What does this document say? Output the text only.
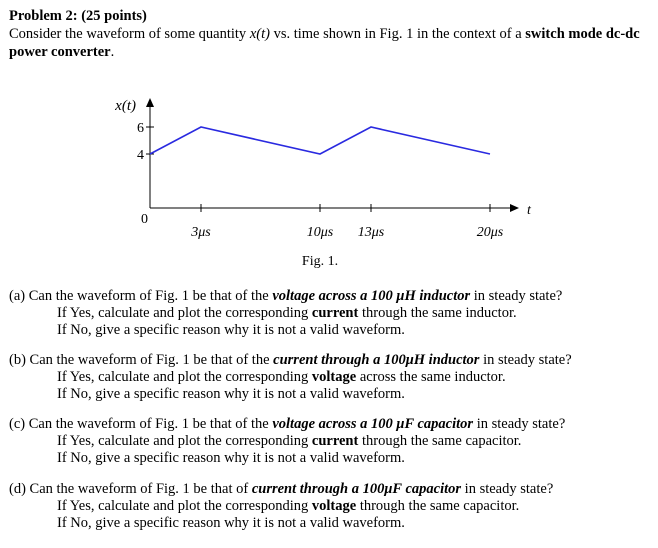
Problem 2: (25 points)
Consider the waveform of some quantity x(t) vs. time shown in Fig. 1 in the context of a switch mode dc-dc power converter.
x(t)
t
0
6
4
3μs	10μs 13μs	20μs
Fig. 1.
(a) Can the waveform of Fig. 1 be that of the voltage across a 100 μH inductor in steady state?
If Yes, calculate and plot the corresponding current through the same inductor.
If No, give a specific reason why it is not a valid waveform.
(b) Can the waveform of Fig. 1 be that of the current through a 100μH inductor in steady state?
If Yes, calculate and plot the corresponding voltage across the same inductor.
If No, give a specific reason why it is not a valid waveform.
(c) Can the waveform of Fig. 1 be that of the voltage across a 100 μF capacitor in steady state?
If Yes, calculate and plot the corresponding current through the same capacitor.
If No, give a specific reason why it is not a valid waveform.
(d) Can the waveform of Fig. 1 be that of current through a 100μF capacitor in steady state?
If Yes, calculate and plot the corresponding voltage through the same capacitor.
If No, give a specific reason why it is not a valid waveform.
